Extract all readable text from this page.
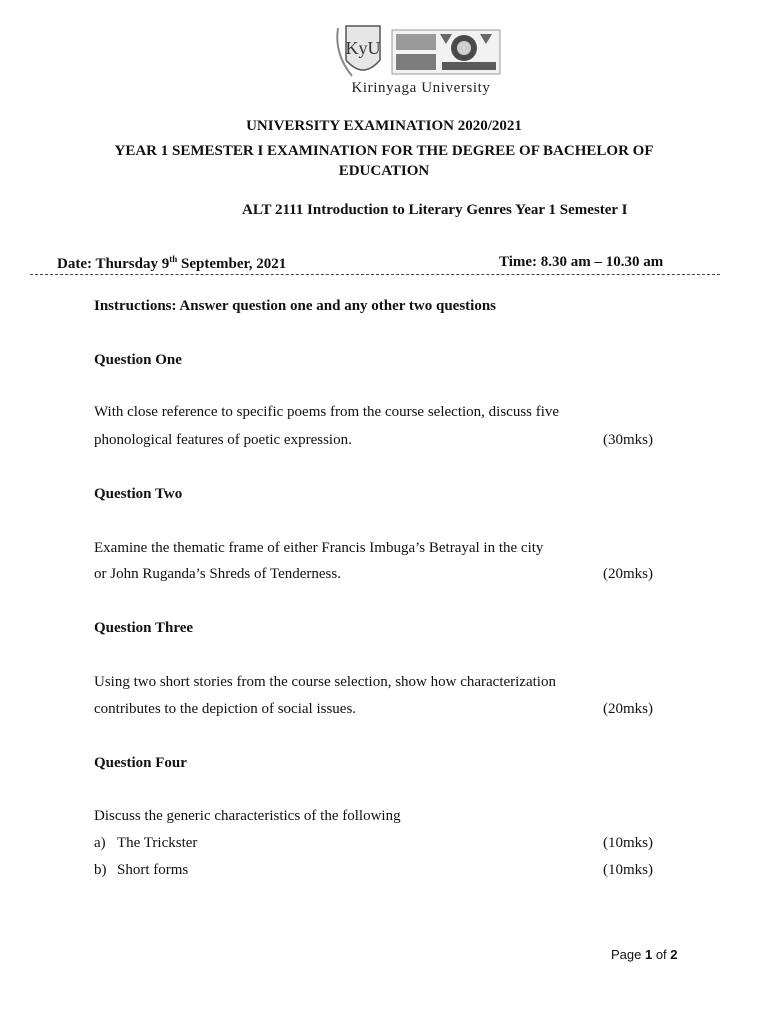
KyU
Kirinyaga University
UNIVERSITY EXAMINATION 2020/2021
YEAR 1 SEMESTER I EXAMINATION FOR THE DEGREE OF BACHELOR OF
EDUCATION
ALT 2111 Introduction to Literary Genres Year 1 Semester I
Date: Thursday 9th September, 2021	Time: 8.30 am – 10.30 am
Instructions: Answer question one and any other two questions
Question One
With close reference to specific poems from the course selection, discuss five
phonological features of poetic expression.	(30mks)
Question Two
Examine the thematic frame of either Francis Imbuga’s Betrayal in the city
or John Ruganda’s Shreds of Tenderness.	(20mks)
Question Three
Using two short stories from the course selection, show how characterization
contributes to the depiction of social issues.	(20mks)
Question Four
Discuss the generic characteristics of the following
a) The Trickster	(10mks)
b) Short forms	(10mks)
Page 1 of 2
